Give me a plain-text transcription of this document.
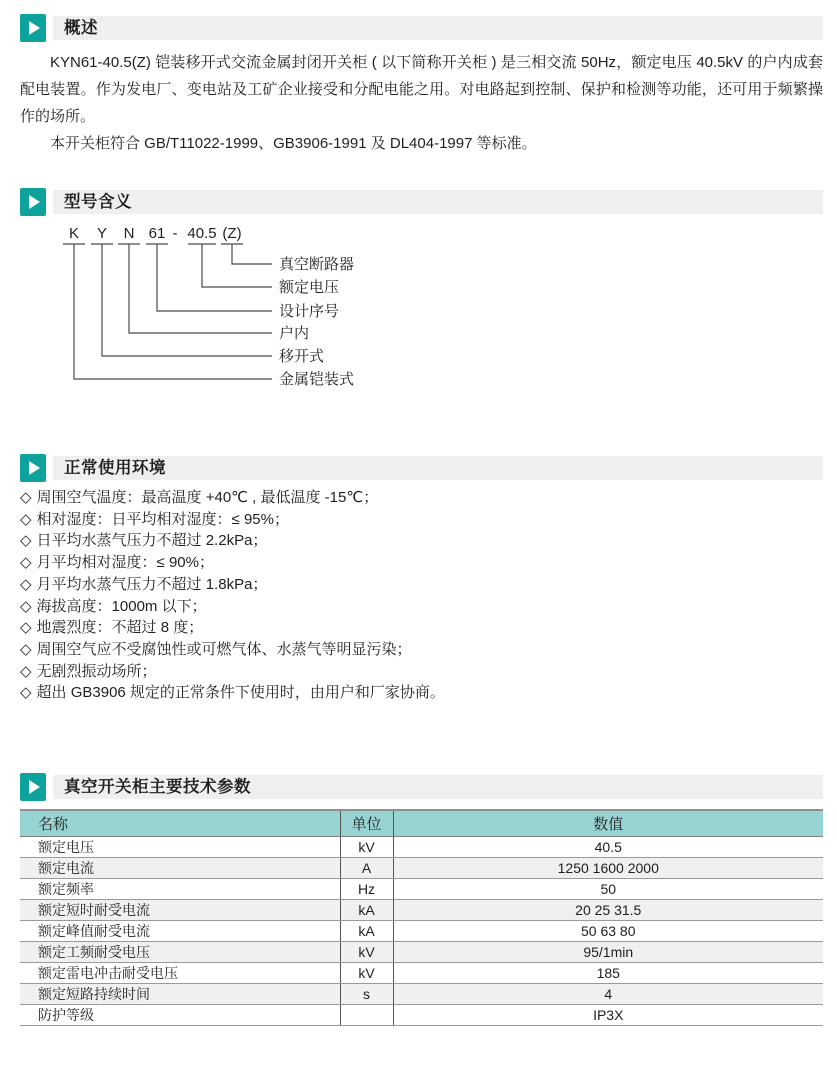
概述

KYN61-40.5(Z) 铠装移开式交流金属封闭开关柜 ( 以下简称开关柜 ) 是三相交流 50Hz，额定电压 40.5kV 的户内成套配电装置。作为发电厂、变电站及工矿企业接受和分配电能之用。对电路起到控制、保护和检测等功能，还可用于频繁操作的场所。

本开关柜符合 GB/T11022-1999、GB3906-1991 及 DL404-1997 等标准。

型号含义
K Y N 61 - 40.5 (Z)
真空断路器
额定电压
设计序号
户内
移开式
金属铠装式
正常使用环境
◇ 周围空气温度：最高温度 +40℃ , 最低温度 -15℃；
◇ 相对湿度：日平均相对湿度：≤ 95%；
◇ 日平均水蒸气压力不超过 2.2kPa；
◇ 月平均相对湿度：≤ 90%；
◇ 月平均水蒸气压力不超过 1.8kPa；
◇ 海拔高度：1000m 以下；
◇ 地震烈度：不超过 8 度；
◇ 周围空气应不受腐蚀性或可燃气体、水蒸气等明显污染；
◇ 无剧烈振动场所；
◇ 超出 GB3906 规定的正常条件下使用时，由用户和厂家协商。
真空开关柜主要技术参数
名称	单位	数值
额定电压	kV	40.5
额定电流	A	1250 1600 2000
额定频率	Hz	50
额定短时耐受电流	kA	20 25 31.5
额定峰值耐受电流	kA	50 63 80
额定工频耐受电压	kV	95/1min
额定雷电冲击耐受电压	kV	185
额定短路持续时间	s	4
防护等级		IP3X
